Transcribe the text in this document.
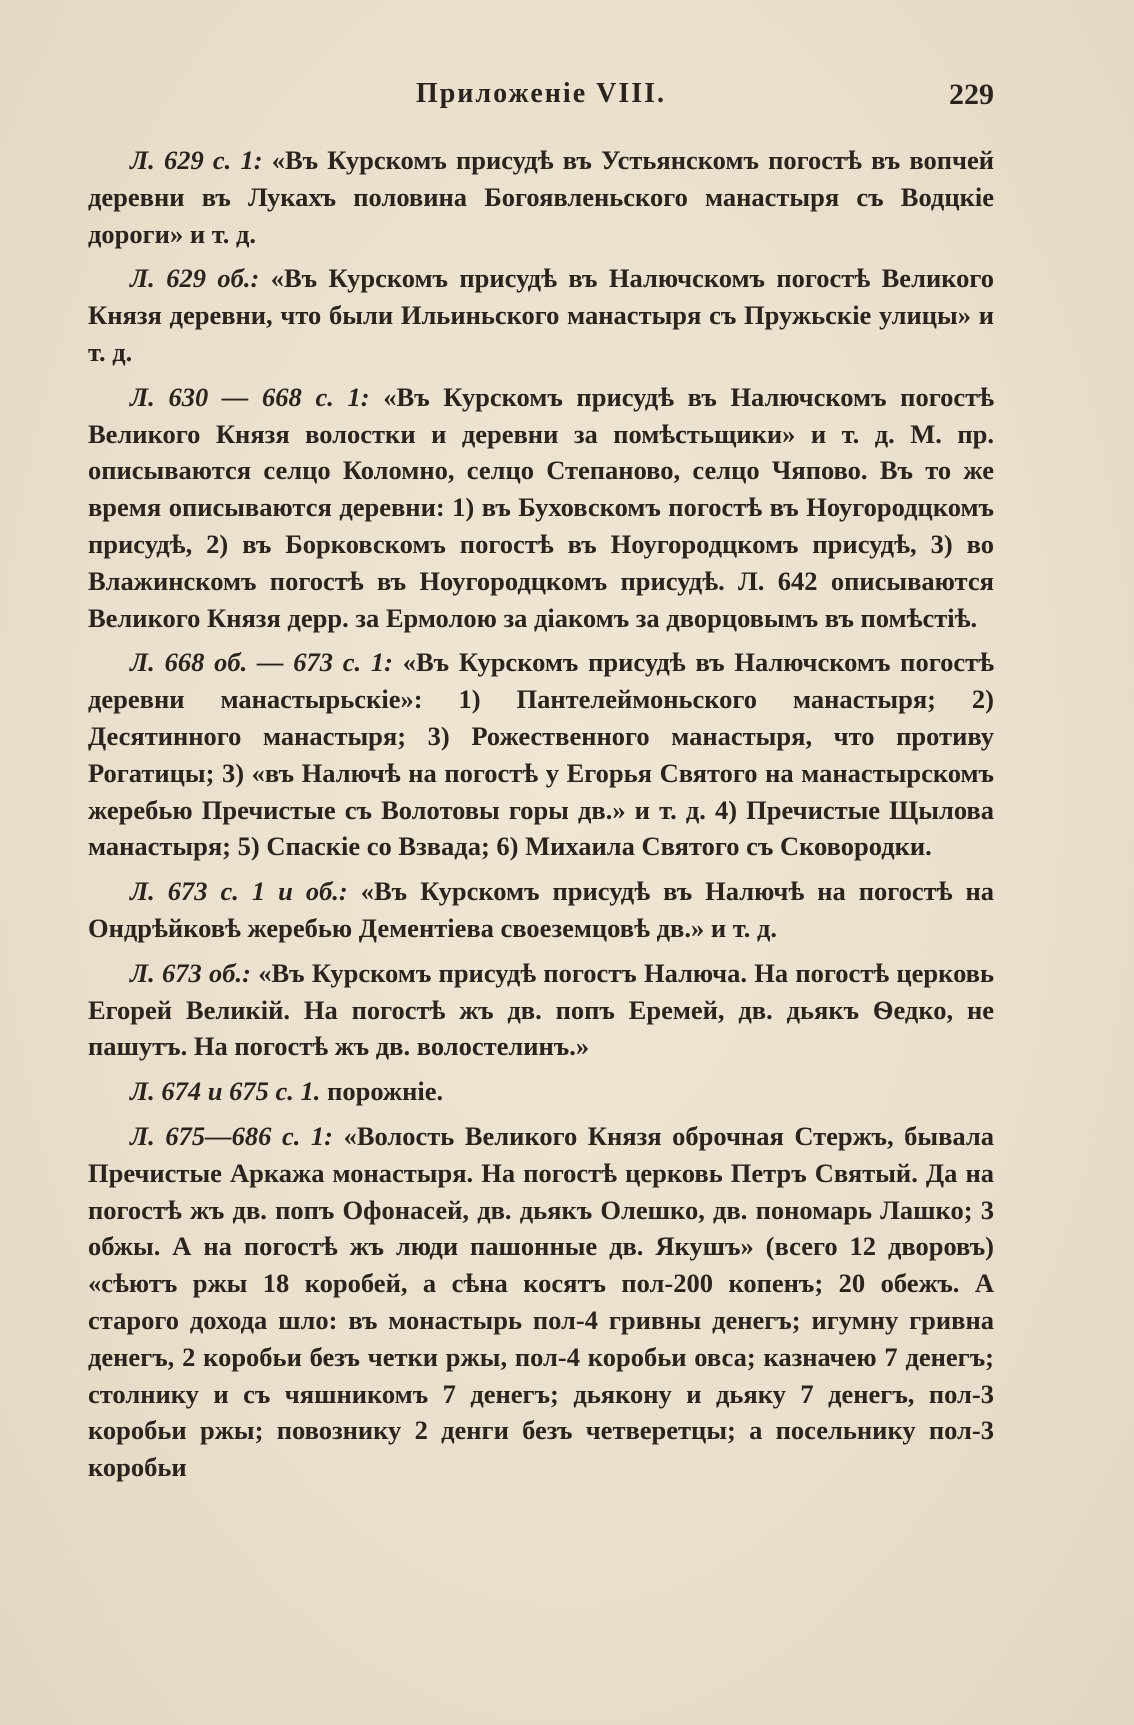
Приложенiе VIII.	229

Л. 629 с. 1: «Въ Курскомъ присудѣ въ Устьянскомъ погостѣ въ вопчей деревни въ Лукахъ половина Богоявленьского манастыря съ Водцкiе дороги» и т. д.

Л. 629 об.: «Въ Курскомъ присудѣ въ Налючскомъ погостѣ Великого Князя деревни, что были Ильиньского манастыря съ Пружьскiе улицы» и т. д.

Л. 630 — 668 с. 1: «Въ Курскомъ присудѣ въ Налючскомъ погостѣ Великого Князя волостки и деревни за помѣстьщики» и т. д. М. пр. описываются селцо Коломно, селцо Степаново, селцо Чяпово. Въ то же время описываются деревни: 1) въ Буховскомъ погостѣ въ Ноугородцкомъ присудѣ, 2) въ Борковскомъ погостѣ въ Ноугородцкомъ присудѣ, 3) во Влажинскомъ погостѣ въ Ноугородцкомъ присудѣ. Л. 642 описываются Великого Князя дерр. за Ермолою за дiакомъ за дворцовымъ въ помѣстiѣ.

Л. 668 об. — 673 с. 1: «Въ Курскомъ присудѣ въ Налючскомъ погостѣ деревни манастырьскiе»: 1) Пантелеймоньского манастыря; 2) Десятинного манастыря; 3) Рожественного манастыря, что противу Рогатицы; 3) «въ Налючѣ на погостѣ у Егорья Святого на манастырскомъ жеребью Пречистые съ Волотовы горы дв.» и т. д. 4) Пречистые Щылова манастыря; 5) Спаскiе со Взвада; 6) Михаила Святого съ Сковородки.

Л. 673 с. 1 и об.: «Въ Курскомъ присудѣ въ Налючѣ на погостѣ на Ондрѣйковѣ жеребью Дементiева своеземцовѣ дв.» и т. д.

Л. 673 об.: «Въ Курскомъ присудѣ погостъ Налюча. На погостѣ церковь Егорей Великiй. На погостѣ жъ дв. попъ Еремей, дв. дьякъ Ѳедко, не пашутъ. На погостѣ жъ дв. волостелинъ.»

Л. 674 и 675 с. 1. порожнiе.

Л. 675—686 с. 1: «Волость Великого Князя оброчная Стержъ, бывала Пречистые Аркажа монастыря. На погостѣ церковь Петръ Святый. Да на погостѣ жъ дв. попъ Офонасей, дв. дьякъ Олешко, дв. пономарь Лашко; 3 обжы. А на погостѣ жъ люди пашонные дв. Якушъ» (всего 12 дворовъ) «сѣютъ ржы 18 коробей, а сѣна косятъ пол-200 копенъ; 20 обежъ. А старого дохода шло: въ монастырь пол-4 гривны денегъ; игумну гривна денегъ, 2 коробьи безъ четки ржы, пол-4 коробьи овса; казначею 7 денегъ; столнику и съ чяшникомъ 7 денегъ; дьякону и дьяку 7 денегъ, пол-3 коробьи ржы; повознику 2 денги безъ четверетцы; а посельнику пол-3 коробьи
